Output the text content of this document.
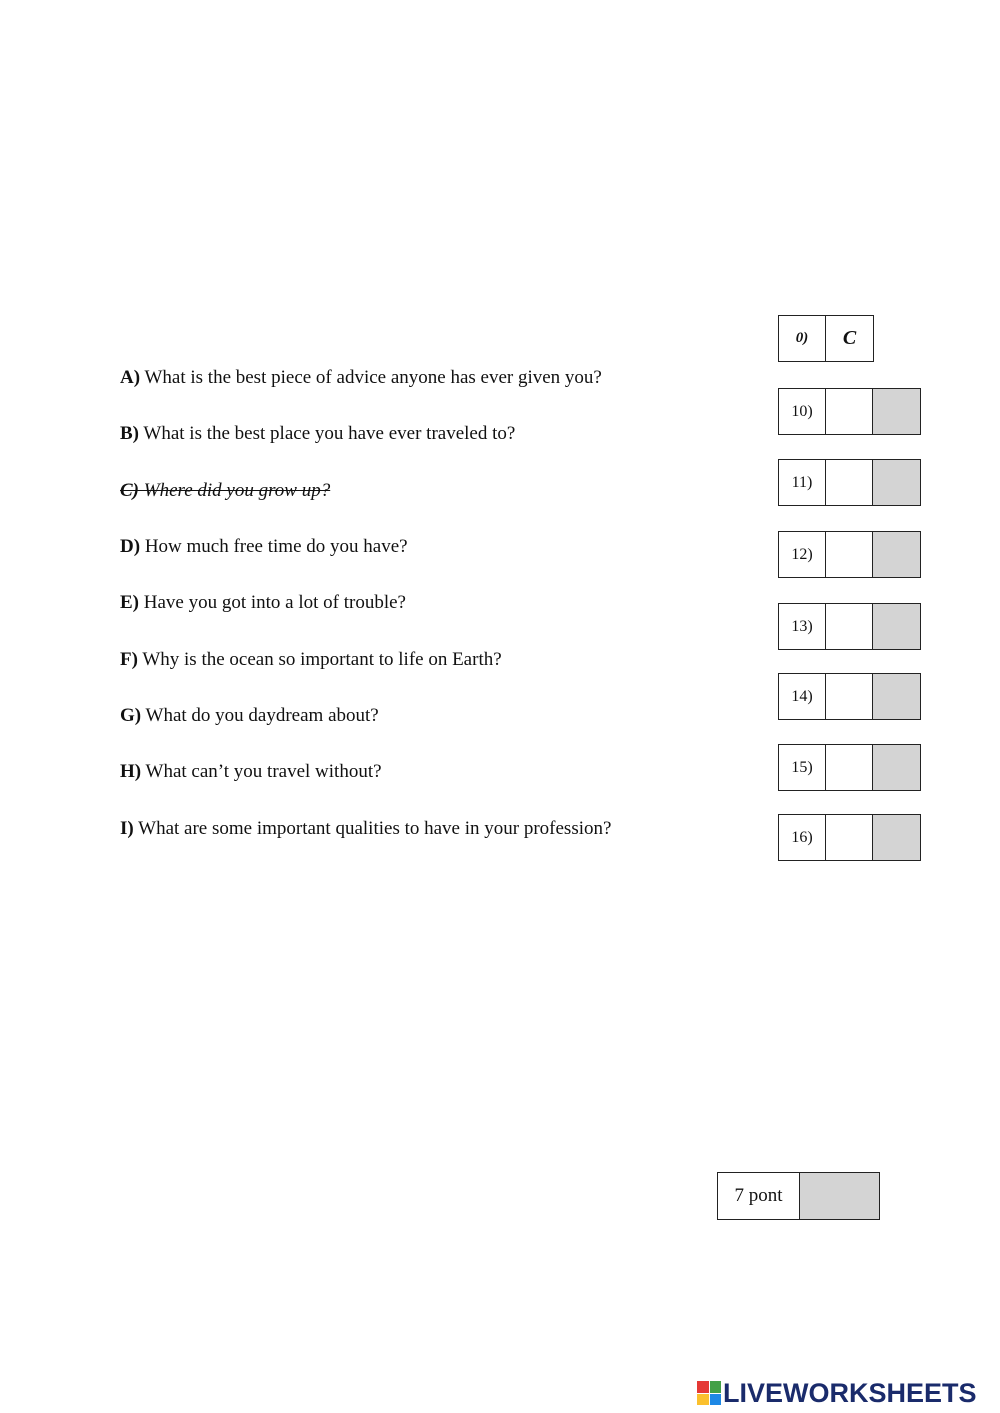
A) What is the best piece of advice anyone has ever given you?
B) What is the best place you have ever traveled to?
C) Where did you grow up?
D) How much free time do you have?
E) Have you got into a lot of trouble?
F) Why is the ocean so important to life on Earth?
G) What do you daydream about?
H) What can’t you travel without?
I) What are some important qualities to have in your profession?
0)	C
10)
11)
12)
13)
14)
15)
16)
7 pont
LIVEWORKSHEETS
